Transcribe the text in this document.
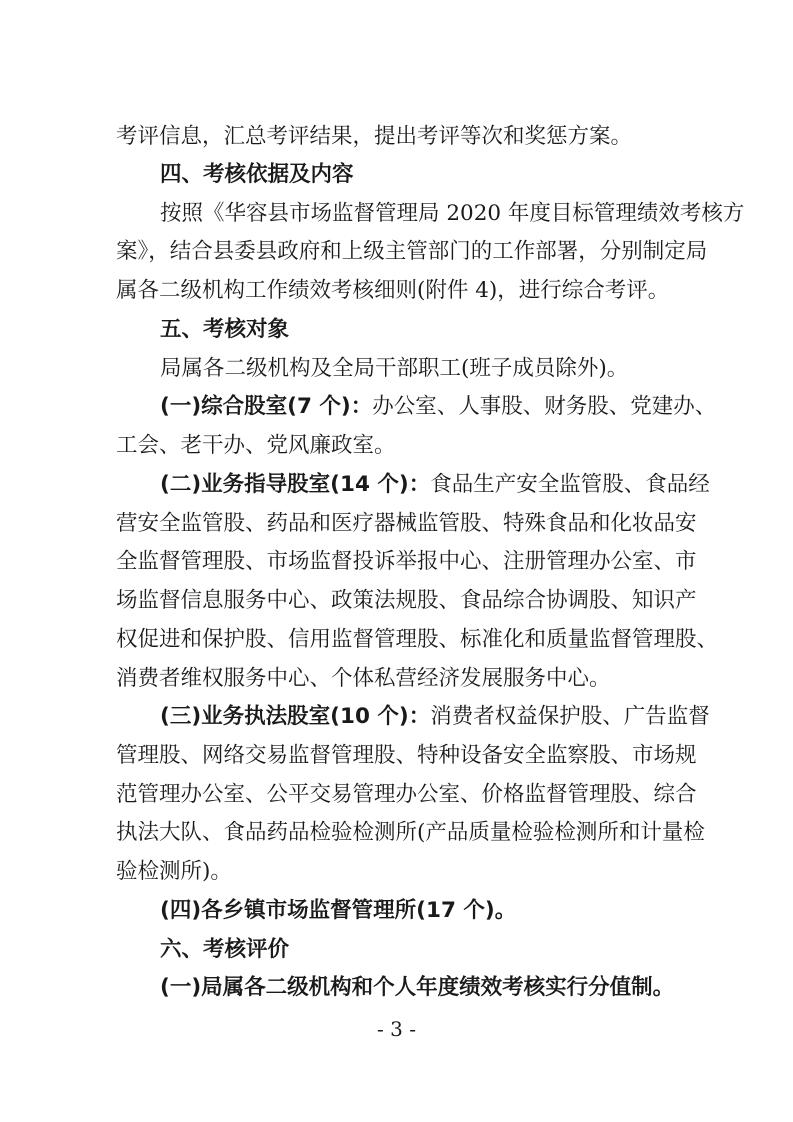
考评信息，汇总考评结果，提出考评等次和奖惩方案。
四、考核依据及内容
按照《华容县市场监督管理局 2020 年度目标管理绩效考核方
案》，结合县委县政府和上级主管部门的工作部署，分别制定局
属各二级机构工作绩效考核细则(附件 4)，进行综合考评。
五、考核对象
局属各二级机构及全局干部职工(班子成员除外)。
(一)综合股室(7 个)：办公室、人事股、财务股、党建办、
工会、老干办、党风廉政室。
(二)业务指导股室(14 个)：食品生产安全监管股、食品经
营安全监管股、药品和医疗器械监管股、特殊食品和化妆品安
全监督管理股、市场监督投诉举报中心、注册管理办公室、市
场监督信息服务中心、政策法规股、食品综合协调股、知识产
权促进和保护股、信用监督管理股、标准化和质量监督管理股、
消费者维权服务中心、个体私营经济发展服务中心。
(三)业务执法股室(10 个)：消费者权益保护股、广告监督
管理股、网络交易监督管理股、特种设备安全监察股、市场规
范管理办公室、公平交易管理办公室、价格监督管理股、综合
执法大队、食品药品检验检测所(产品质量检验检测所和计量检
验检测所)。
(四)各乡镇市场监督管理所(17 个)。
六、考核评价
(一)局属各二级机构和个人年度绩效考核实行分值制。
- 3 -
